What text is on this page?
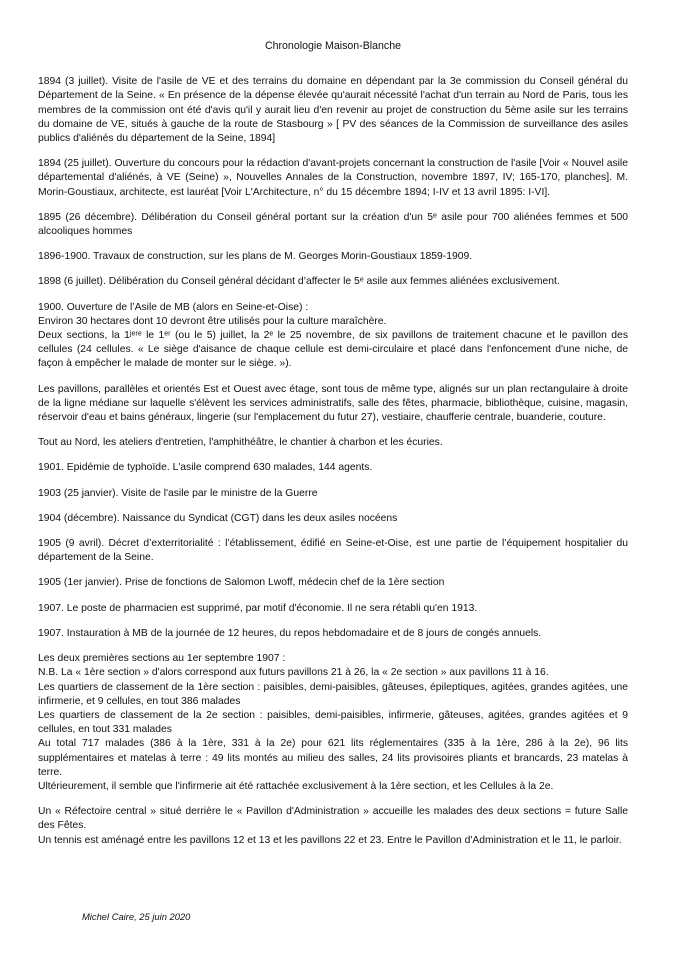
Chronologie Maison-Blanche

1894 (3 juillet). Visite de l'asile de VE et des terrains du domaine en dépendant par la 3e commission du Conseil général du Département de la Seine. « En présence de la dépense élevée qu'aurait nécessité l'achat d'un terrain au Nord de Paris, tous les membres de la commission ont été d'avis qu'il y aurait lieu d'en revenir au projet de construction du 5ème asile sur les terrains du domaine de VE, situés à gauche de la route de Stasbourg » [ PV des séances de la Commission de surveillance des asiles publics d'aliénés du département de la Seine, 1894]

1894 (25 juillet). Ouverture du concours pour la rédaction d'avant-projets concernant la construction de l'asile [Voir « Nouvel asile départemental d'aliénés, à VE (Seine) », Nouvelles Annales de la Construction, novembre 1897, IV; 165-170, planches]. M. Morin-Goustiaux, architecte, est lauréat [Voir L'Architecture, n° du 15 décembre 1894; I-IV et 13 avril 1895: I-VI].

1895 (26 décembre). Délibération du Conseil général portant sur la création d'un 5ᵉ asile pour 700 aliénées femmes et 500 alcooliques hommes

1896-1900. Travaux de construction, sur les plans de M. Georges Morin-Goustiaux 1859-1909.

1898 (6 juillet). Délibération du Conseil général décidant d’affecter le 5ᵉ asile aux femmes aliénées exclusivement.

1900. Ouverture de l’Asile de MB (alors en Seine-et-Oise) :

Environ 30 hectares dont 10 devront être utilisés pour la culture maraîchère.

Deux sections, la 1ʲᵉʳᵉ le 1ᵉʳ (ou le 5) juillet, la 2ᵉ le 25 novembre, de six pavillons de traitement chacune et le pavillon des cellules (24 cellules. « Le siège d'aisance de chaque cellule est demi-circulaire et placé dans l'enfoncement d'une niche, de façon à empêcher le malade de monter sur le siège. »).

Les pavillons, parallèles et orientés Est et Ouest avec étage, sont tous de même type, alignés sur un plan rectangulaire à droite de la ligne médiane sur laquelle s'élèvent les services administratifs, salle des fêtes, pharmacie, bibliothèque, cuisine, magasin, réservoir d'eau et bains généraux, lingerie (sur l'emplacement du futur 27), vestiaire, chaufferie centrale, buanderie, couture.

Tout au Nord, les ateliers d'entretien, l'amphithéâtre, le chantier à charbon et les écuries.

1901. Epidémie de typhoïde. L'asile comprend 630 malades, 144 agents.

1903 (25 janvier). Visite de l'asile par le ministre de la Guerre

1904 (décembre). Naissance du Syndicat (CGT) dans les deux asiles nocéens

1905 (9 avril). Décret d’exterritorialité : l’établissement, édifié en Seine-et-Oise, est une partie de l’équipement hospitalier du département de la Seine.

1905 (1er janvier). Prise de fonctions de Salomon Lwoff, médecin chef de la 1ère section

1907. Le poste de pharmacien est supprimé, par motif d'économie. Il ne sera rétabli qu'en 1913.

1907. Instauration à MB de la journée de 12 heures, du repos hebdomadaire et de 8 jours de congés annuels.

Les deux premières sections au 1er septembre 1907 :

N.B. La « 1ère section » d'alors correspond aux futurs pavillons 21 à 26, la « 2e section » aux pavillons 11 à 16.

Les quartiers de classement de la 1ère section : paisibles, demi-paisibles, gâteuses, épileptiques, agitées, grandes agitées, une infirmerie, et 9 cellules, en tout 386 malades

Les quartiers de classement de la 2e section : paisibles, demi-paisibles, infirmerie, gâteuses, agitées, grandes agitées et 9 cellules, en tout 331 malades

Au total 717 malades (386 à la 1ère, 331 à la 2e) pour 621 lits réglementaires (335 à la 1ère, 286 à la 2e), 96 lits supplémentaires et matelas à terre : 49 lits montés au milieu des salles, 24 lits provisoires pliants et brancards, 23 matelas à terre.

Ultérieurement, il semble que l'infirmerie ait été rattachée exclusivement à la 1ère section, et les Cellules à la 2e.

Un « Réfectoire central » situé derrière le « Pavillon d'Administration » accueille les malades des deux sections = future Salle des Fêtes.

Un tennis est aménagé entre les pavillons 12 et 13 et les pavillons 22 et 23. Entre le Pavillon d'Administration et le 11, le parloir.

Michel Caire, 25 juin 2020
